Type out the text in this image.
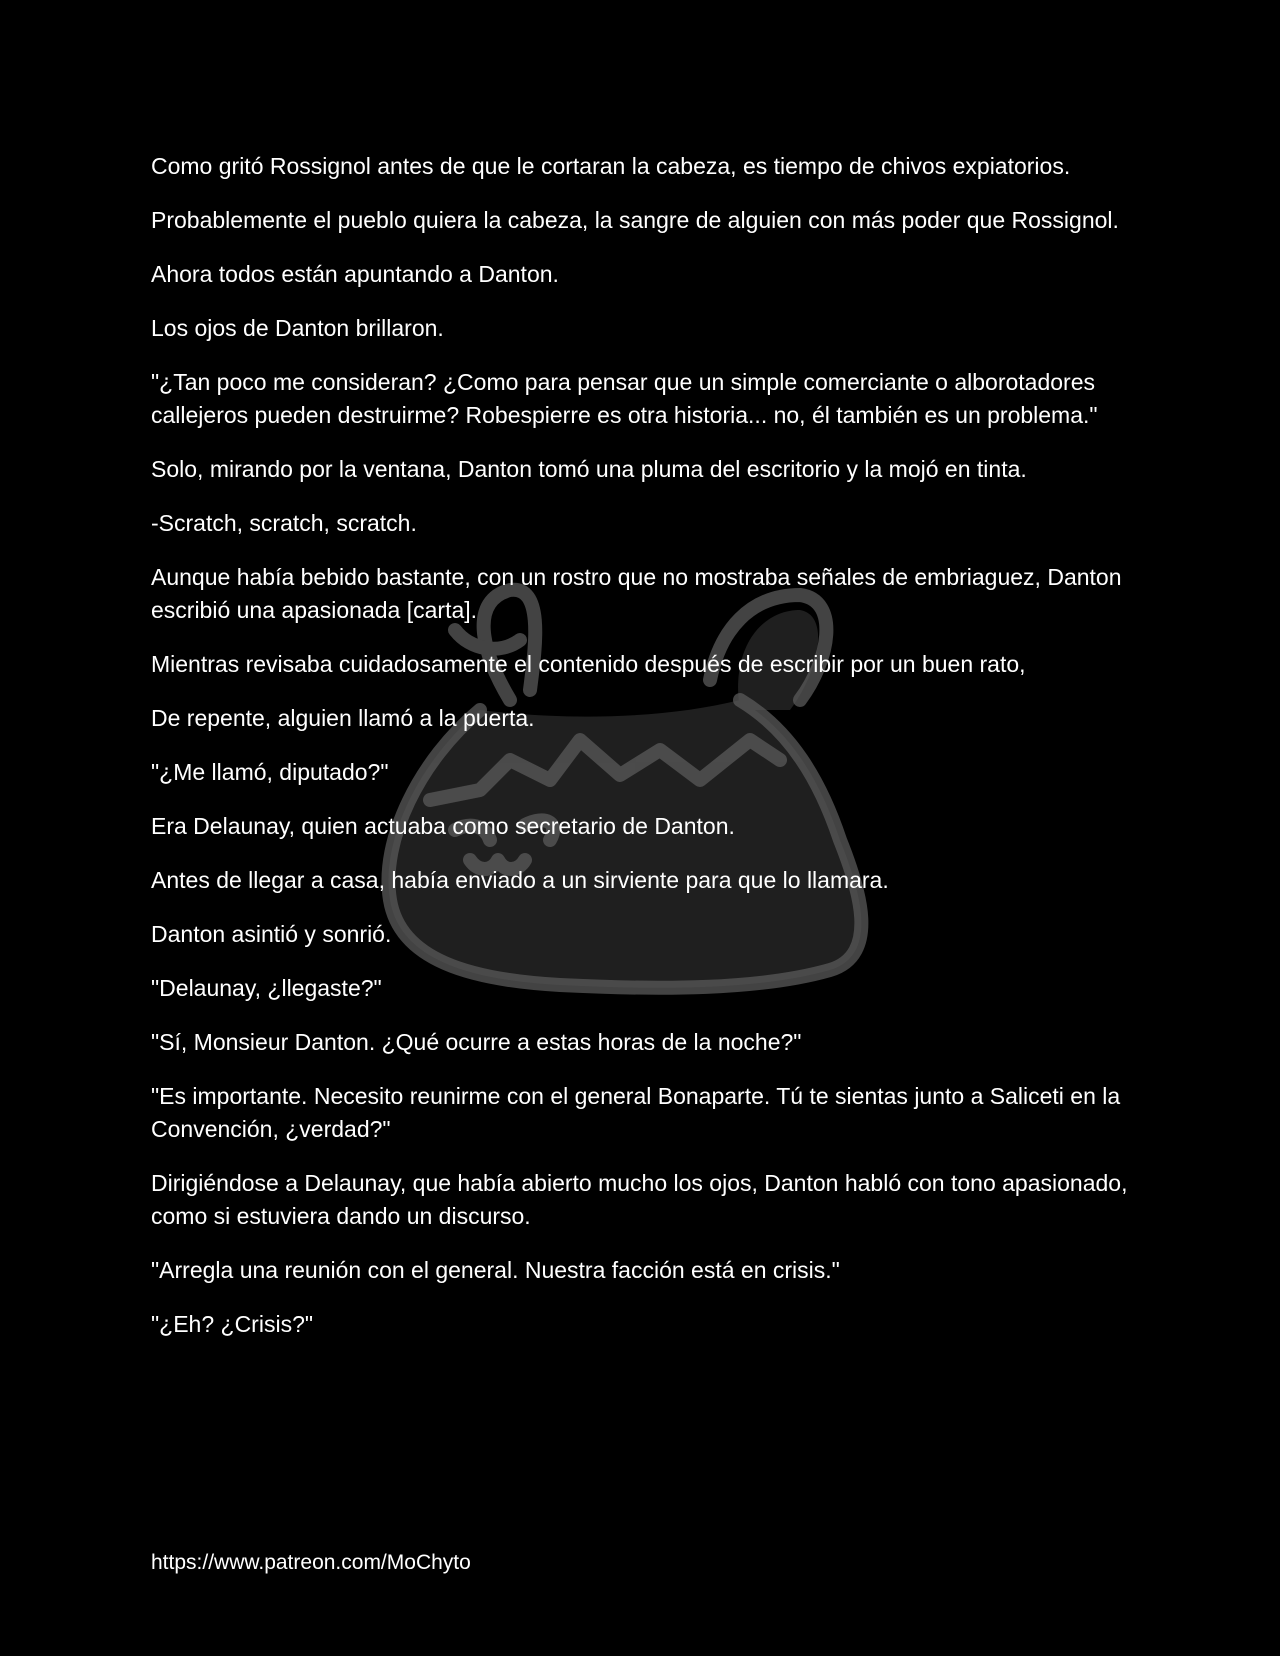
Como gritó Rossignol antes de que le cortaran la cabeza, es tiempo de chivos expiatorios.

Probablemente el pueblo quiera la cabeza, la sangre de alguien con más poder que Rossignol.

Ahora todos están apuntando a Danton.

Los ojos de Danton brillaron.

"¿Tan poco me consideran? ¿Como para pensar que un simple comerciante o alborotadores callejeros pueden destruirme? Robespierre es otra historia... no, él también es un problema."

Solo, mirando por la ventana, Danton tomó una pluma del escritorio y la mojó en tinta.

-Scratch, scratch, scratch.

Aunque había bebido bastante, con un rostro que no mostraba señales de embriaguez, Danton escribió una apasionada [carta].

Mientras revisaba cuidadosamente el contenido después de escribir por un buen rato,

De repente, alguien llamó a la puerta.

"¿Me llamó, diputado?"

Era Delaunay, quien actuaba como secretario de Danton.

Antes de llegar a casa, había enviado a un sirviente para que lo llamara.

Danton asintió y sonrió.

"Delaunay, ¿llegaste?"

"Sí, Monsieur Danton. ¿Qué ocurre a estas horas de la noche?"

"Es importante. Necesito reunirme con el general Bonaparte. Tú te sientas junto a Saliceti en la Convención, ¿verdad?"

Dirigiéndose a Delaunay, que había abierto mucho los ojos, Danton habló con tono apasionado, como si estuviera dando un discurso.

"Arregla una reunión con el general. Nuestra facción está en crisis."

"¿Eh? ¿Crisis?"

https://www.patreon.com/MoChyto
